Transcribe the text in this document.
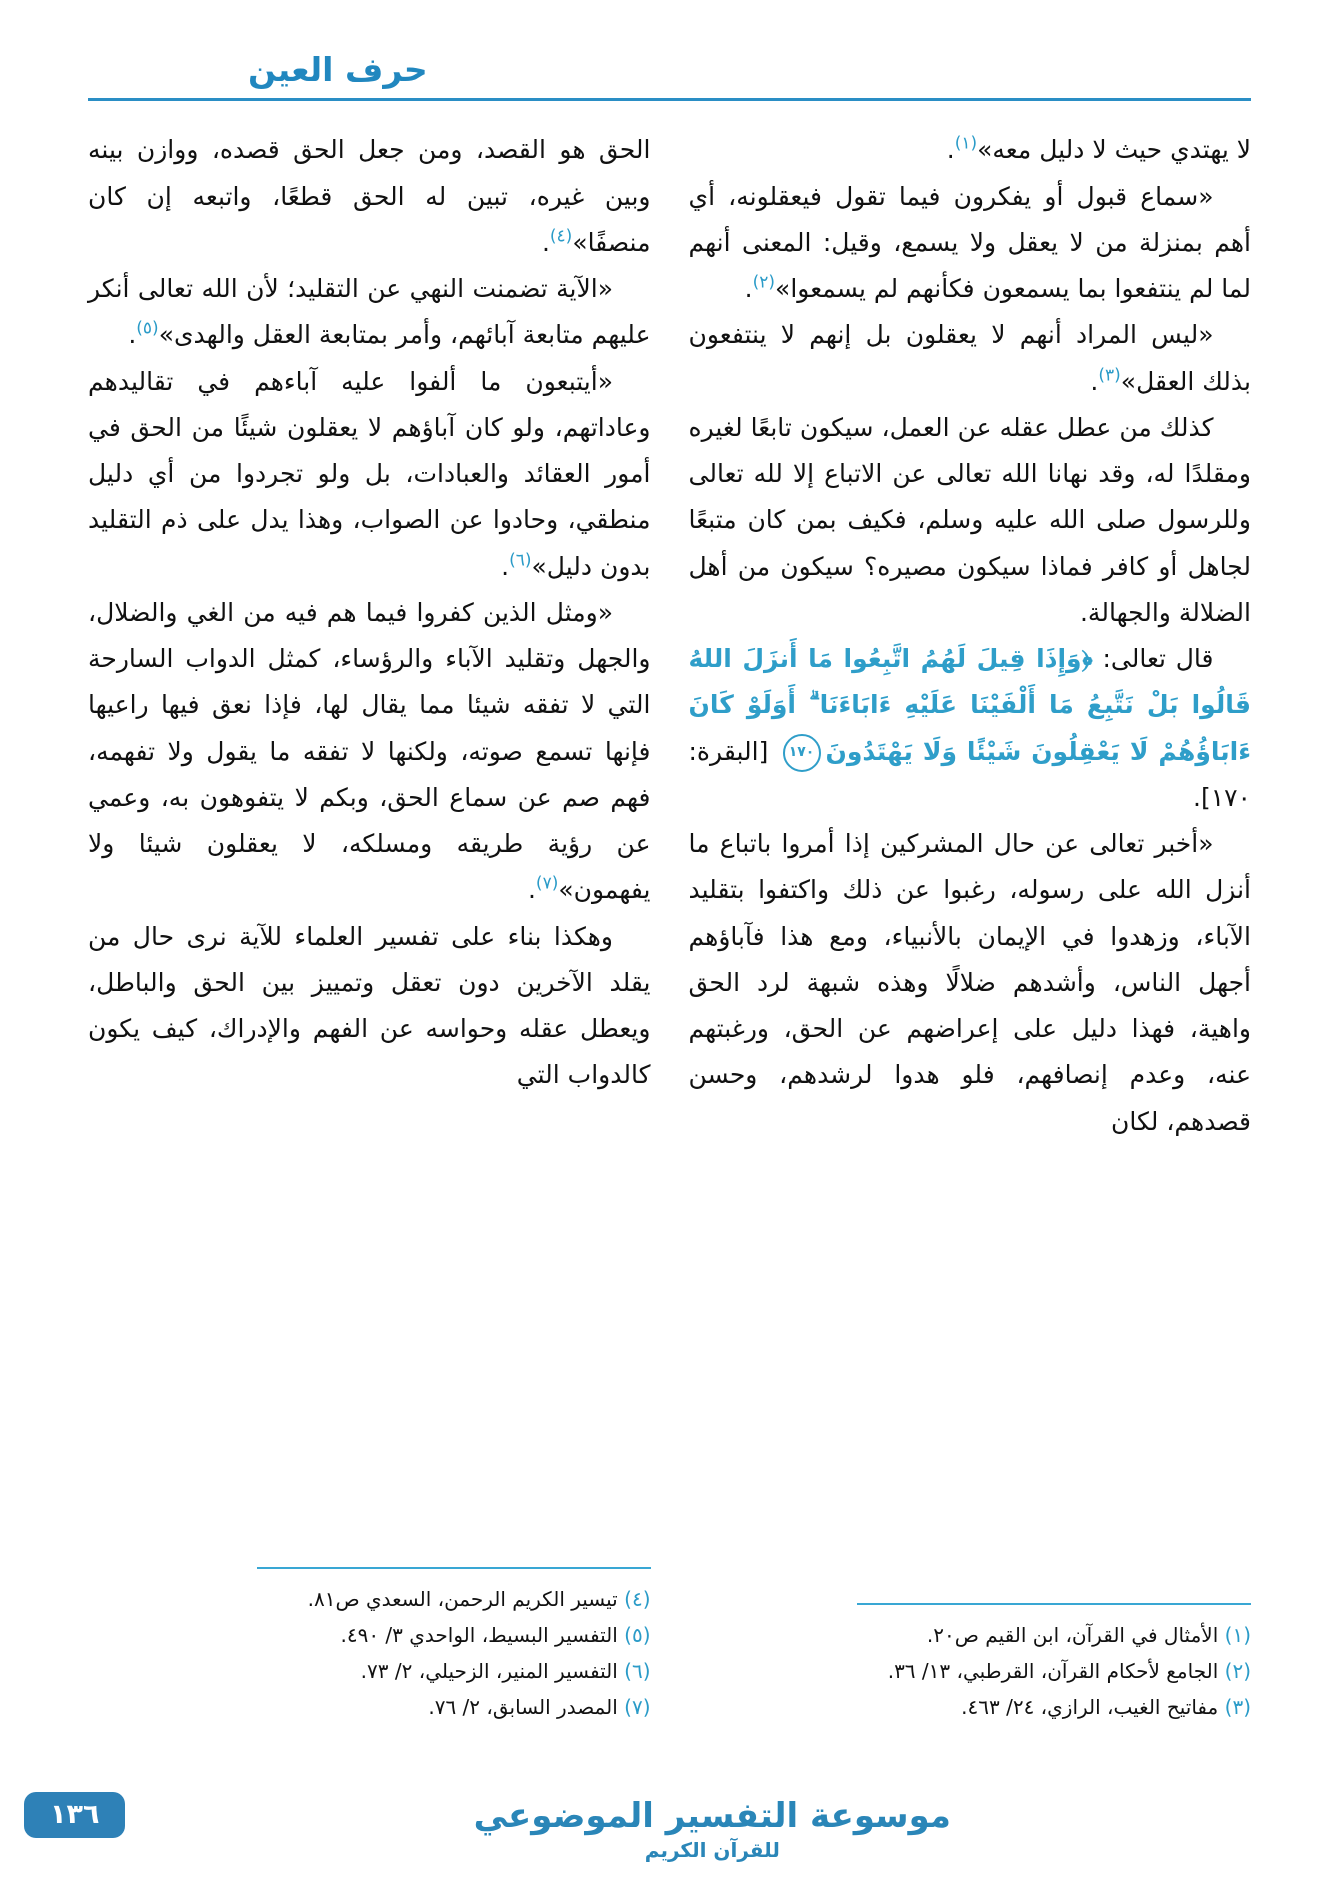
حرف العين

لا يهتدي حيث لا دليل معه»$^{(١)}$.

«سماع قبول أو يفكرون فيما تقول فيعقلونه، أي أهم بمنزلة من لا يعقل ولا يسمع، وقيل: المعنى أنهم لما لم ينتفعوا بما يسمعون فكأنهم لم يسمعوا»$^{(٢)}$.

«ليس المراد أنهم لا يعقلون بل إنهم لا ينتفعون بذلك العقل»$^{(٣)}$.

كذلك من عطل عقله عن العمل، سيكون تابعًا لغيره ومقلدًا له، وقد نهانا الله تعالى عن الاتباع إلا لله تعالى وللرسول صلى الله عليه وسلم، فكيف بمن كان متبعًا لجاهل أو كافر فماذا سيكون مصيره؟ سيكون من أهل الضلالة والجهالة.

قال تعالى: ﴿وَإِذَا قِيلَ لَهُمُ اتَّبِعُوا مَا أَنزَلَ اللهُ قَالُوا بَلْ نَتَّبِعُ مَا أَلْفَيْنَا عَلَيْهِ ءَابَاءَنَا ۗ أَوَلَوْ كَانَ ءَابَاؤُهُمْ لَا يَعْقِلُونَ شَيْئًا وَلَا يَهْتَدُونَ١٧٠ [البقرة: ١٧٠].

«أخبر تعالى عن حال المشركين إذا أمروا باتباع ما أنزل الله على رسوله، رغبوا عن ذلك واكتفوا بتقليد الآباء، وزهدوا في الإيمان بالأنبياء، ومع هذا فآباؤهم أجهل الناس، وأشدهم ضلالًا وهذه شبهة لرد الحق واهية، فهذا دليل على إعراضهم عن الحق، ورغبتهم عنه، وعدم إنصافهم، فلو هدوا لرشدهم، وحسن قصدهم، لكان

(١) الأمثال في القرآن، ابن القيم ص٢٠.

(٢) الجامع لأحكام القرآن، القرطبي، ١٣/ ٣٦.

(٣) مفاتيح الغيب، الرازي، ٢٤/ ٤٦٣.

الحق هو القصد، ومن جعل الحق قصده، ووازن بينه وبين غيره، تبين له الحق قطعًا، واتبعه إن كان منصفًا»$^{(٤)}$.

«الآية تضمنت النهي عن التقليد؛ لأن الله تعالى أنكر عليهم متابعة آبائهم، وأمر بمتابعة العقل والهدى»$^{(٥)}$.

«أيتبعون ما ألفوا عليه آباءهم في تقاليدهم وعاداتهم، ولو كان آباؤهم لا يعقلون شيئًا من الحق في أمور العقائد والعبادات، بل ولو تجردوا من أي دليل منطقي، وحادوا عن الصواب، وهذا يدل على ذم التقليد بدون دليل»$^{(٦)}$.

«ومثل الذين كفروا فيما هم فيه من الغي والضلال، والجهل وتقليد الآباء والرؤساء، كمثل الدواب السارحة التي لا تفقه شيئا مما يقال لها، فإذا نعق فيها راعيها فإنها تسمع صوته، ولكنها لا تفقه ما يقول ولا تفهمه، فهم صم عن سماع الحق، وبكم لا يتفوهون به، وعمي عن رؤية طريقه ومسلكه، لا يعقلون شيئا ولا يفهمون»$^{(٧)}$.

وهكذا بناء على تفسير العلماء للآية نرى حال من يقلد الآخرين دون تعقل وتمييز بين الحق والباطل، ويعطل عقله وحواسه عن الفهم والإدراك، كيف يكون كالدواب التي

(٤) تيسير الكريم الرحمن، السعدي ص٨١.

(٥) التفسير البسيط، الواحدي ٣/ ٤٩٠.

(٦) التفسير المنير، الزحيلي، ٢/ ٧٣.

(٧) المصدر السابق، ٢/ ٧٦.

موسوعة التفسير الموضوعي
للقرآن الكريم
١٣٦
